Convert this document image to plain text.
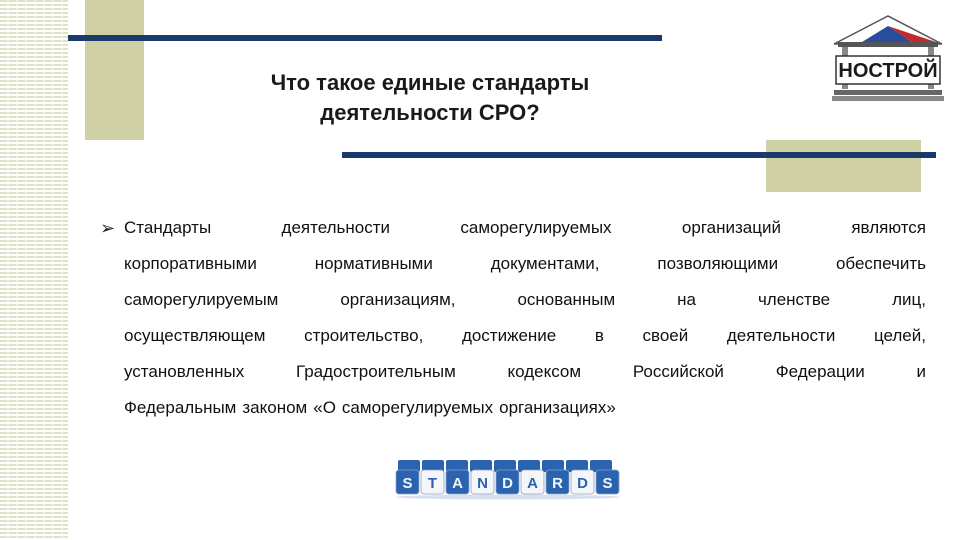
Что такое единые стандарты
деятельности СРО?
НОСТРОЙ
➢ Стандарты	деятельности	саморегулируемых	организаций	являются
корпоративными	нормативными	документами,	позволяющими	обеспечить
саморегулируемым	организациям,	основанным	на	членстве	лиц,
осуществляющем строительство, достижение в своей деятельности целей,
установленных	Градостроительным	кодексом	Российской	Федерации	и
Федеральным законом «О саморегулируемых организациях»
S T A N D A R D S
